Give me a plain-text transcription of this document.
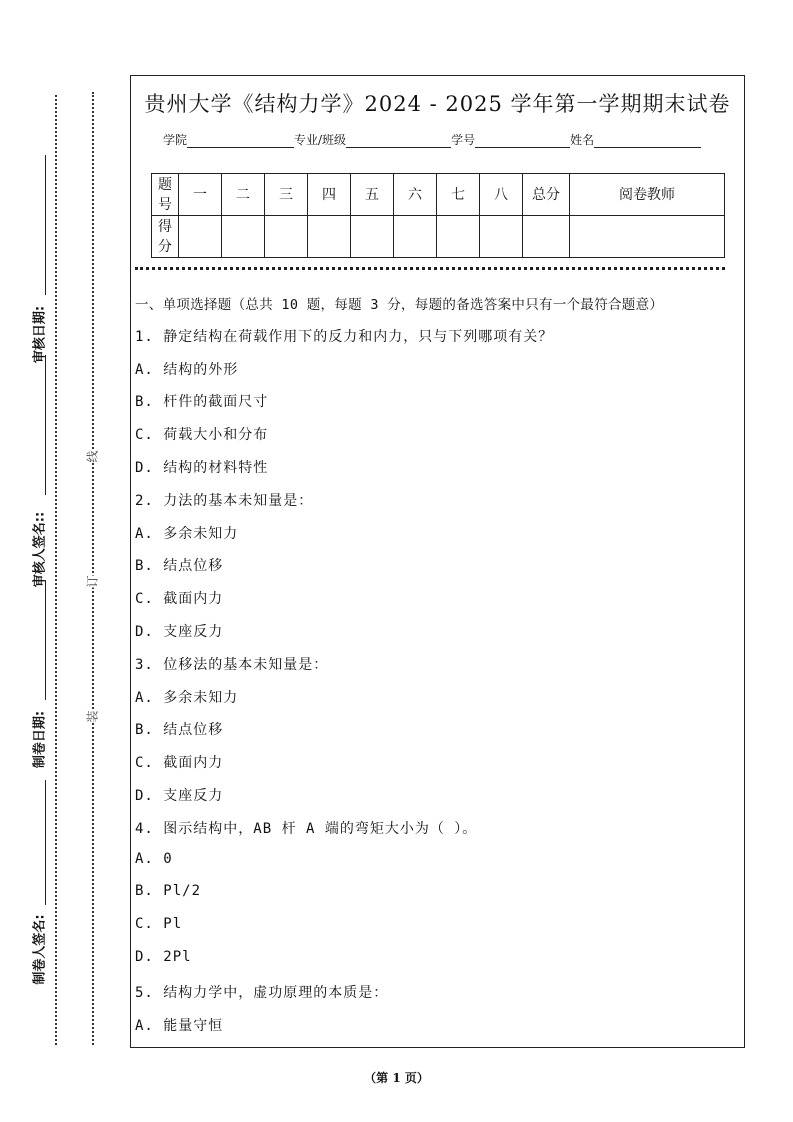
审核日期:
审核人签名::
制卷日期:
制卷人签名:
线
订
装
贵州大学《结构力学》2024 - 2025 学年第一学期期末试卷
学院	专业/班级	学号	姓名
题号	一	二	三	四	五	六	七	八	总分	阅卷教师
得分										
一、单项选择题（总共 10 题，每题 3 分，每题的备选答案中只有一个最符合题意）
1. 静定结构在荷载作用下的反力和内力，只与下列哪项有关？
A. 结构的外形
B. 杆件的截面尺寸
C. 荷载大小和分布
D. 结构的材料特性
2. 力法的基本未知量是：
A. 多余未知力
B. 结点位移
C. 截面内力
D. 支座反力
3. 位移法的基本未知量是：
A. 多余未知力
B. 结点位移
C. 截面内力
D. 支座反力
4. 图示结构中，AB 杆 A 端的弯矩大小为（ ）。
A. 0
B. Pl/2
C. Pl
D. 2Pl
5. 结构力学中，虚功原理的本质是：
A. 能量守恒
（第 1 页）
